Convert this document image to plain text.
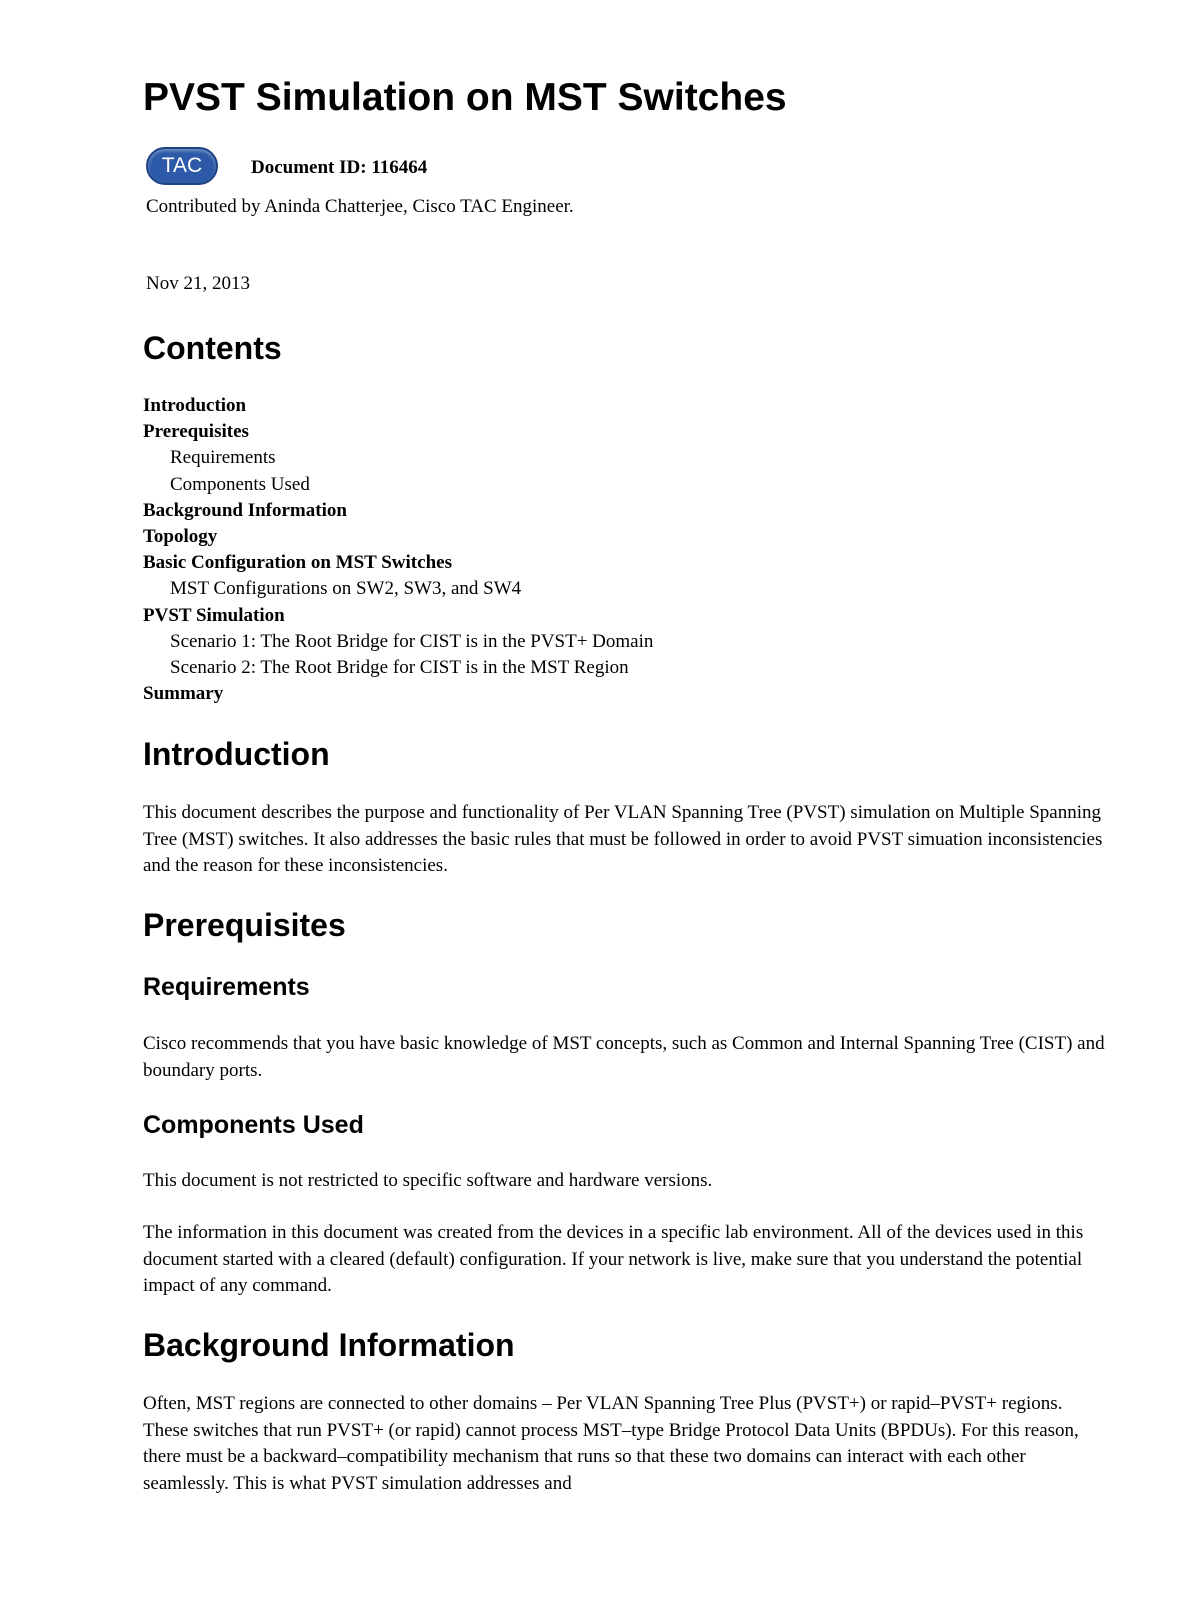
PVST Simulation on MST Switches
TAC	Document ID: 116464
Contributed by Aninda Chatterjee, Cisco TAC Engineer.
Nov 21, 2013
Contents
Introduction
Prerequisites
Requirements
Components Used
Background Information
Topology
Basic Configuration on MST Switches
MST Configurations on SW2, SW3, and SW4
PVST Simulation
Scenario 1: The Root Bridge for CIST is in the PVST+ Domain
Scenario 2: The Root Bridge for CIST is in the MST Region
Summary
Introduction

This document describes the purpose and functionality of Per VLAN Spanning Tree (PVST) simulation on Multiple Spanning Tree (MST) switches. It also addresses the basic rules that must be followed in order to avoid PVST simuation inconsistencies and the reason for these inconsistencies.

Prerequisites
Requirements

Cisco recommends that you have basic knowledge of MST concepts, such as Common and Internal Spanning Tree (CIST) and boundary ports.

Components Used

This document is not restricted to specific software and hardware versions.

The information in this document was created from the devices in a specific lab environment. All of the devices used in this document started with a cleared (default) configuration. If your network is live, make sure that you understand the potential impact of any command.

Background Information

Often, MST regions are connected to other domains – Per VLAN Spanning Tree Plus (PVST+) or rapid–PVST+ regions. These switches that run PVST+ (or rapid) cannot process MST–type Bridge Protocol Data Units (BPDUs). For this reason, there must be a backward–compatibility mechanism that runs so that these two domains can interact with each other seamlessly. This is what PVST simulation addresses and
